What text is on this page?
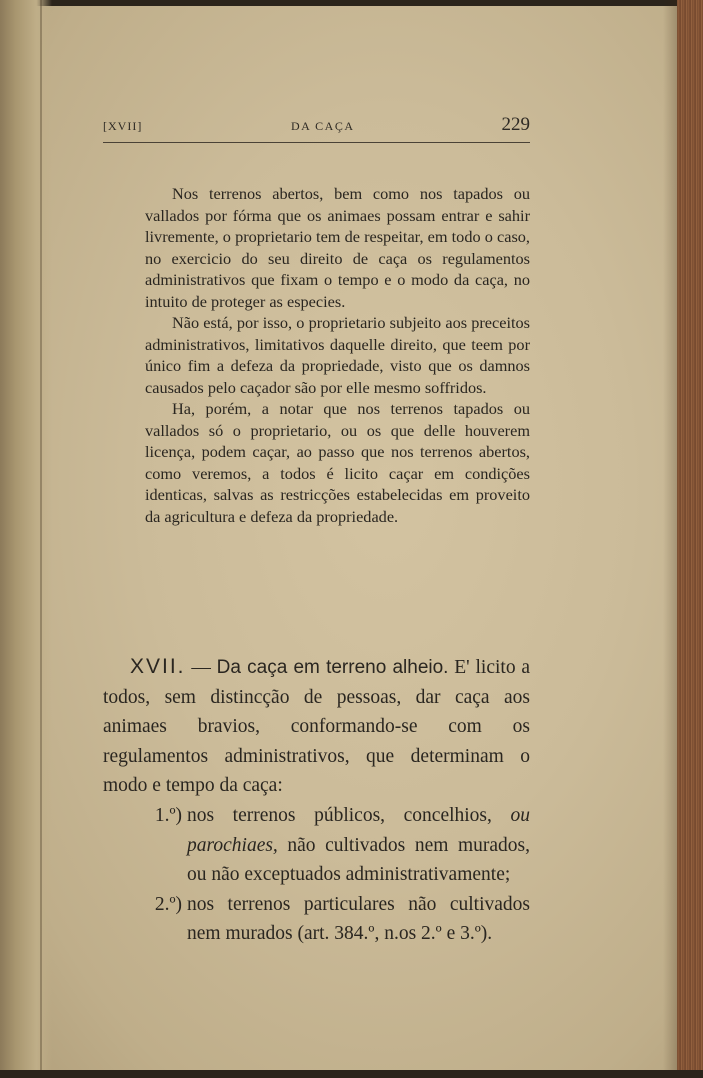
[XVII]	DA CAÇA	229

Nos terrenos abertos, bem como nos tapados ou vallados por fórma que os animaes possam entrar e sahir livremente, o proprietario tem de respeitar, em todo o caso, no exercicio do seu direito de caça os regulamentos administrativos que fixam o tempo e o modo da caça, no intuito de proteger as especies.

Não está, por isso, o proprietario subjeito aos preceitos administrativos, limitativos daquelle direito, que teem por único fim a defeza da propriedade, visto que os damnos causados pelo caçador são por elle mesmo soffridos.

Ha, porém, a notar que nos terrenos tapados ou vallados só o proprietario, ou os que delle houverem licença, podem caçar, ao passo que nos terrenos abertos, como veremos, a todos é licito caçar em condições identicas, salvas as restricções estabelecidas em proveito da agricultura e defeza da propriedade.

XVII. — Da caça em terreno alheio. E' licito a todos, sem distincção de pessoas, dar caça aos animaes bravios, conformando-se com os regulamentos administrativos, que determinam o modo e tempo da caça:

1.º) nos terrenos públicos, concelhios, ou parochiaes, não cultivados nem murados, ou não exceptuados administrativamente;

2.º) nos terrenos particulares não cultivados nem murados (art. 384.º, n.os 2.º e 3.º).
